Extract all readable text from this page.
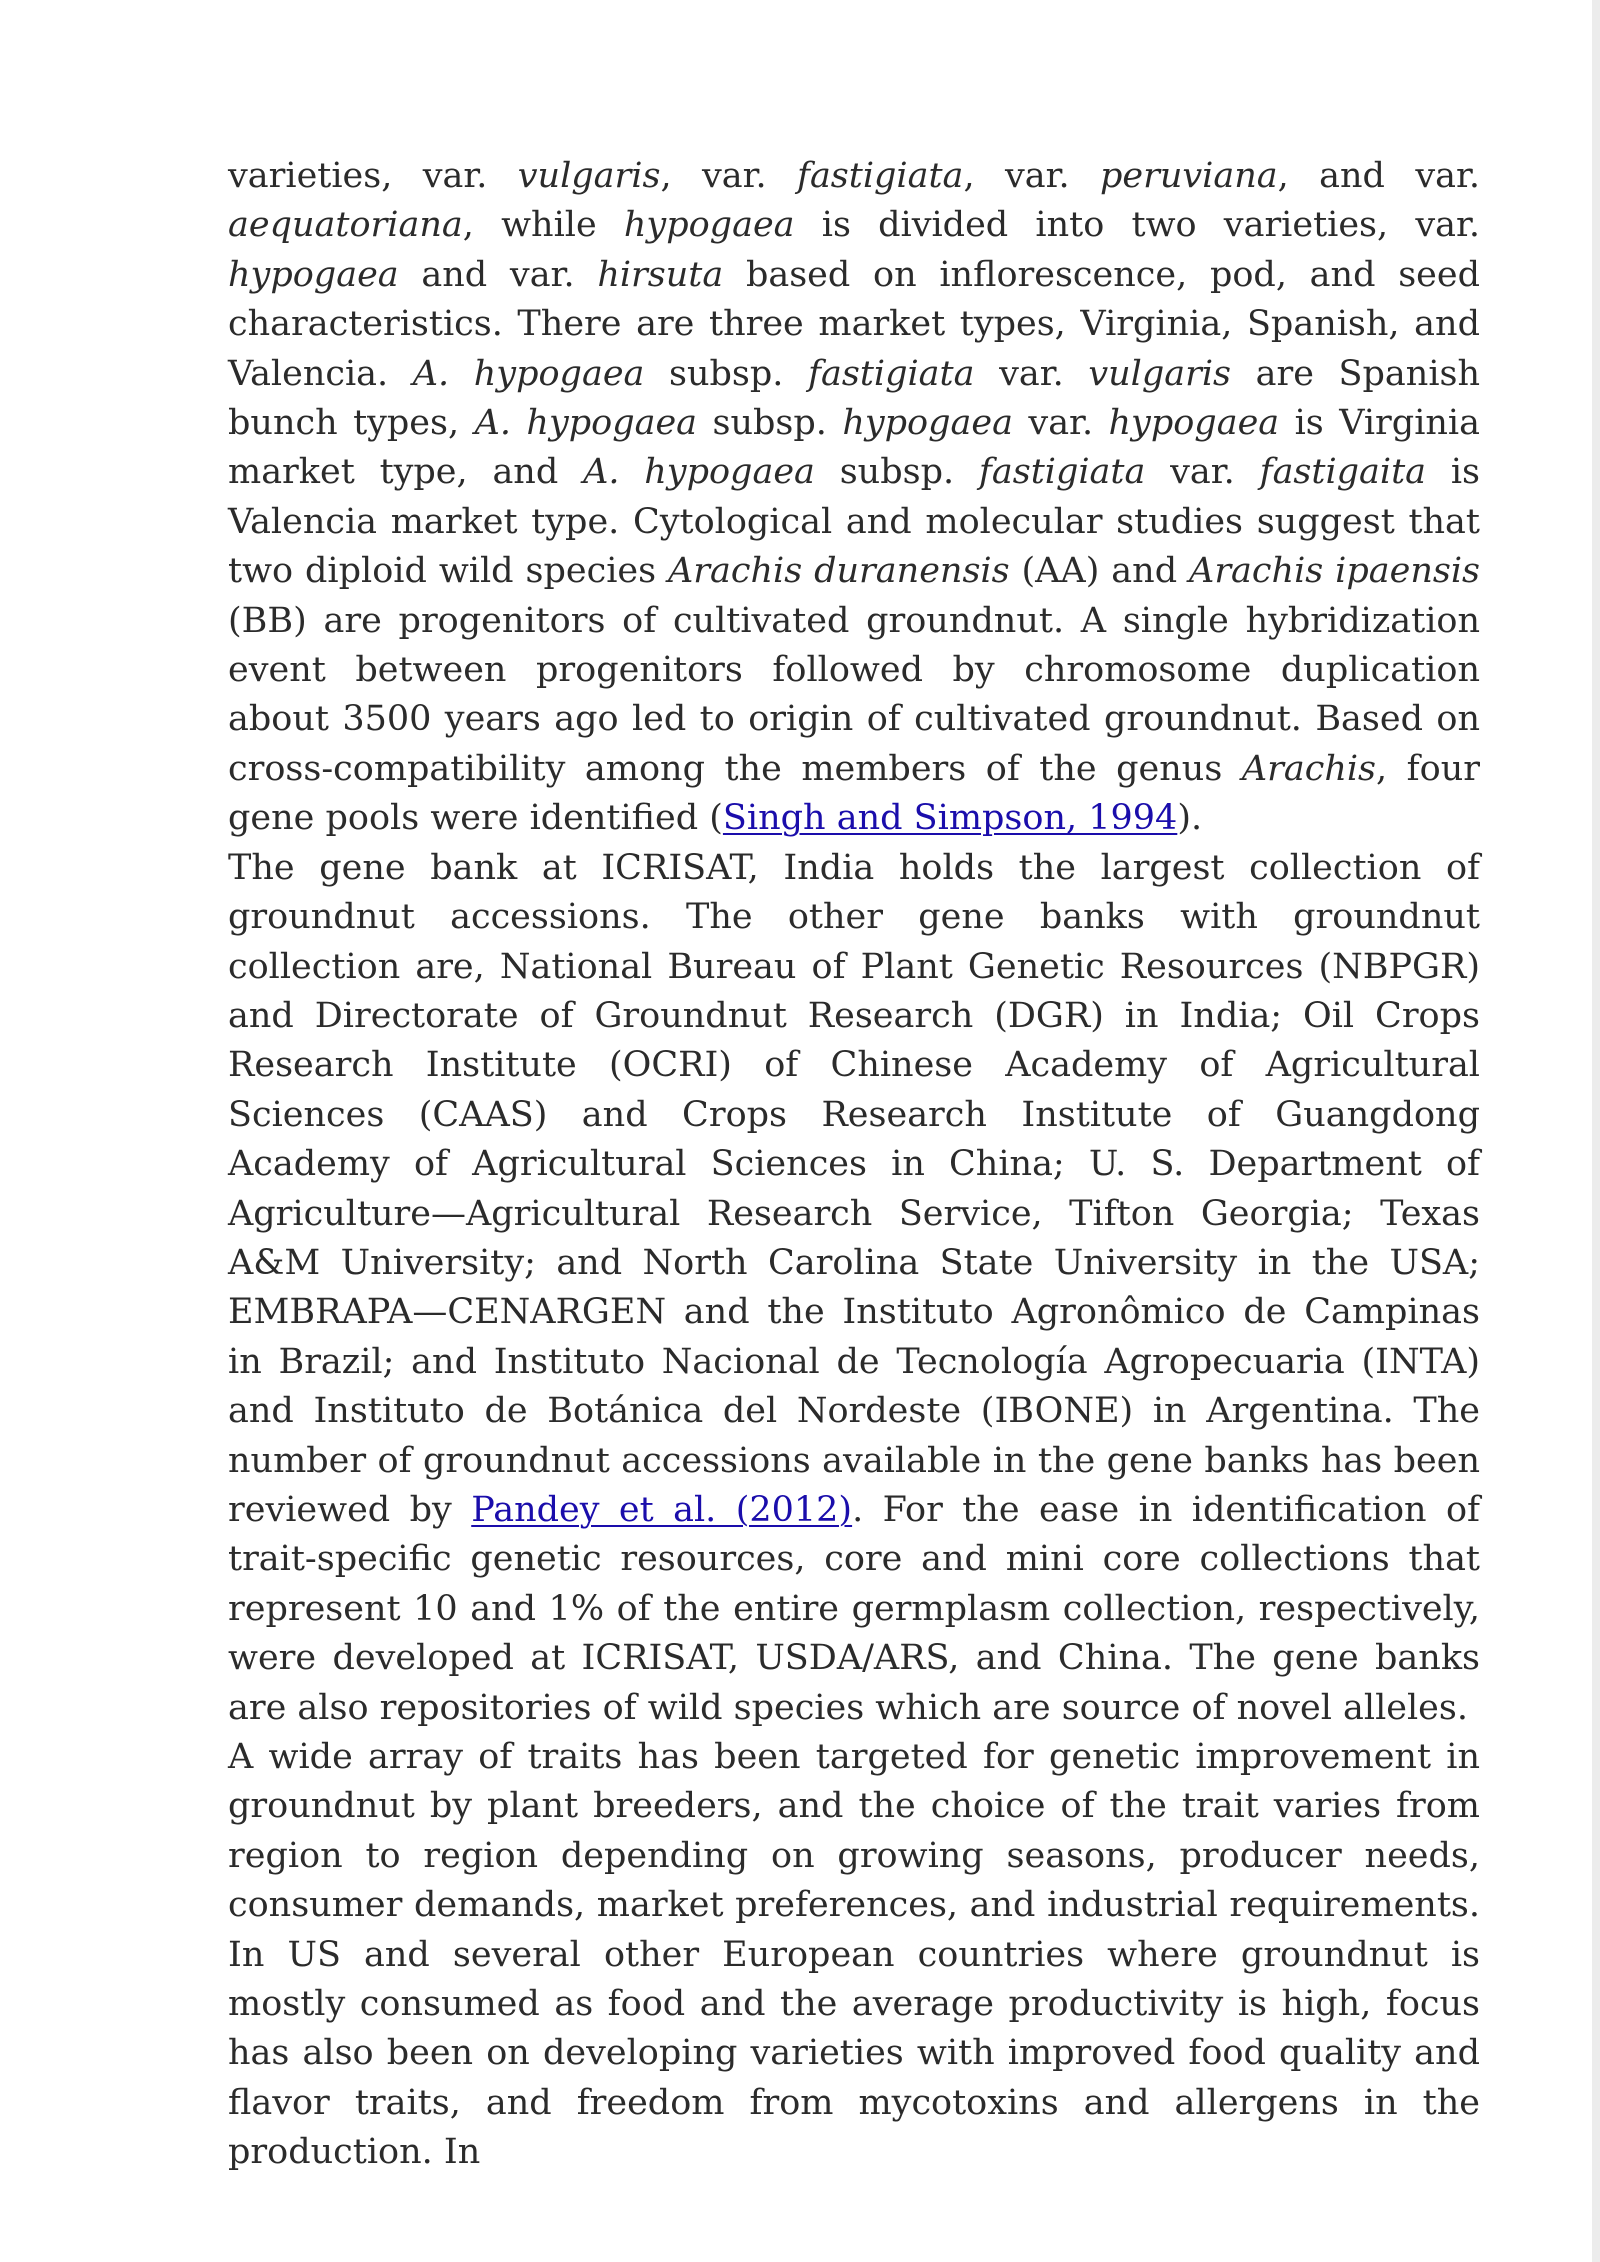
varieties, var. vulgaris, var. fastigiata, var. peruviana, and var. aequatoriana, while hypogaea is divided into two varieties, var. hypogaea and var. hirsuta based on inflorescence, pod, and seed characteristics. There are three market types, Virginia, Spanish, and Valencia. A. hypogaea subsp. fastigiata var. vulgaris are Spanish bunch types, A. hypogaea subsp. hypogaea var. hypogaea is Virginia market type, and A. hypogaea subsp. fastigiata var. fastigaita is Valencia market type. Cytological and molecular studies suggest that two diploid wild species Arachis duranensis (AA) and Arachis ipaensis (BB) are progenitors of cultivated groundnut. A single hybridization event between progenitors followed by chromosome duplication about 3500 years ago led to origin of cultivated groundnut. Based on cross-compatibility among the members of the genus Arachis, four gene pools were identified (Singh and Simpson, 1994).

The gene bank at ICRISAT, India holds the largest collection of groundnut accessions. The other gene banks with groundnut collection are, National Bureau of Plant Genetic Resources (NBPGR) and Directorate of Groundnut Research (DGR) in India; Oil Crops Research Institute (OCRI) of Chinese Academy of Agricultural Sciences (CAAS) and Crops Research Institute of Guangdong Academy of Agricultural Sciences in China; U. S. Department of Agriculture—Agricultural Research Service, Tifton Georgia; Texas A&M University; and North Carolina State University in the USA; EMBRAPA—CENARGEN and the Instituto Agronômico de Campinas in Brazil; and Instituto Nacional de Tecnología Agropecuaria (INTA) and Instituto de Botánica del Nordeste (IBONE) in Argentina. The number of groundnut accessions available in the gene banks has been reviewed by Pandey et al. (2012). For the ease in identification of trait-specific genetic resources, core and mini core collections that represent 10 and 1% of the entire germplasm collection, respectively, were developed at ICRISAT, USDA/ARS, and China. The gene banks are also repositories of wild species which are source of novel alleles.

A wide array of traits has been targeted for genetic improvement in groundnut by plant breeders, and the choice of the trait varies from region to region depending on growing seasons, producer needs, consumer demands, market preferences, and industrial requirements. In US and several other European countries where groundnut is mostly consumed as food and the average productivity is high, focus has also been on developing varieties with improved food quality and flavor traits, and freedom from mycotoxins and allergens in the production. In
